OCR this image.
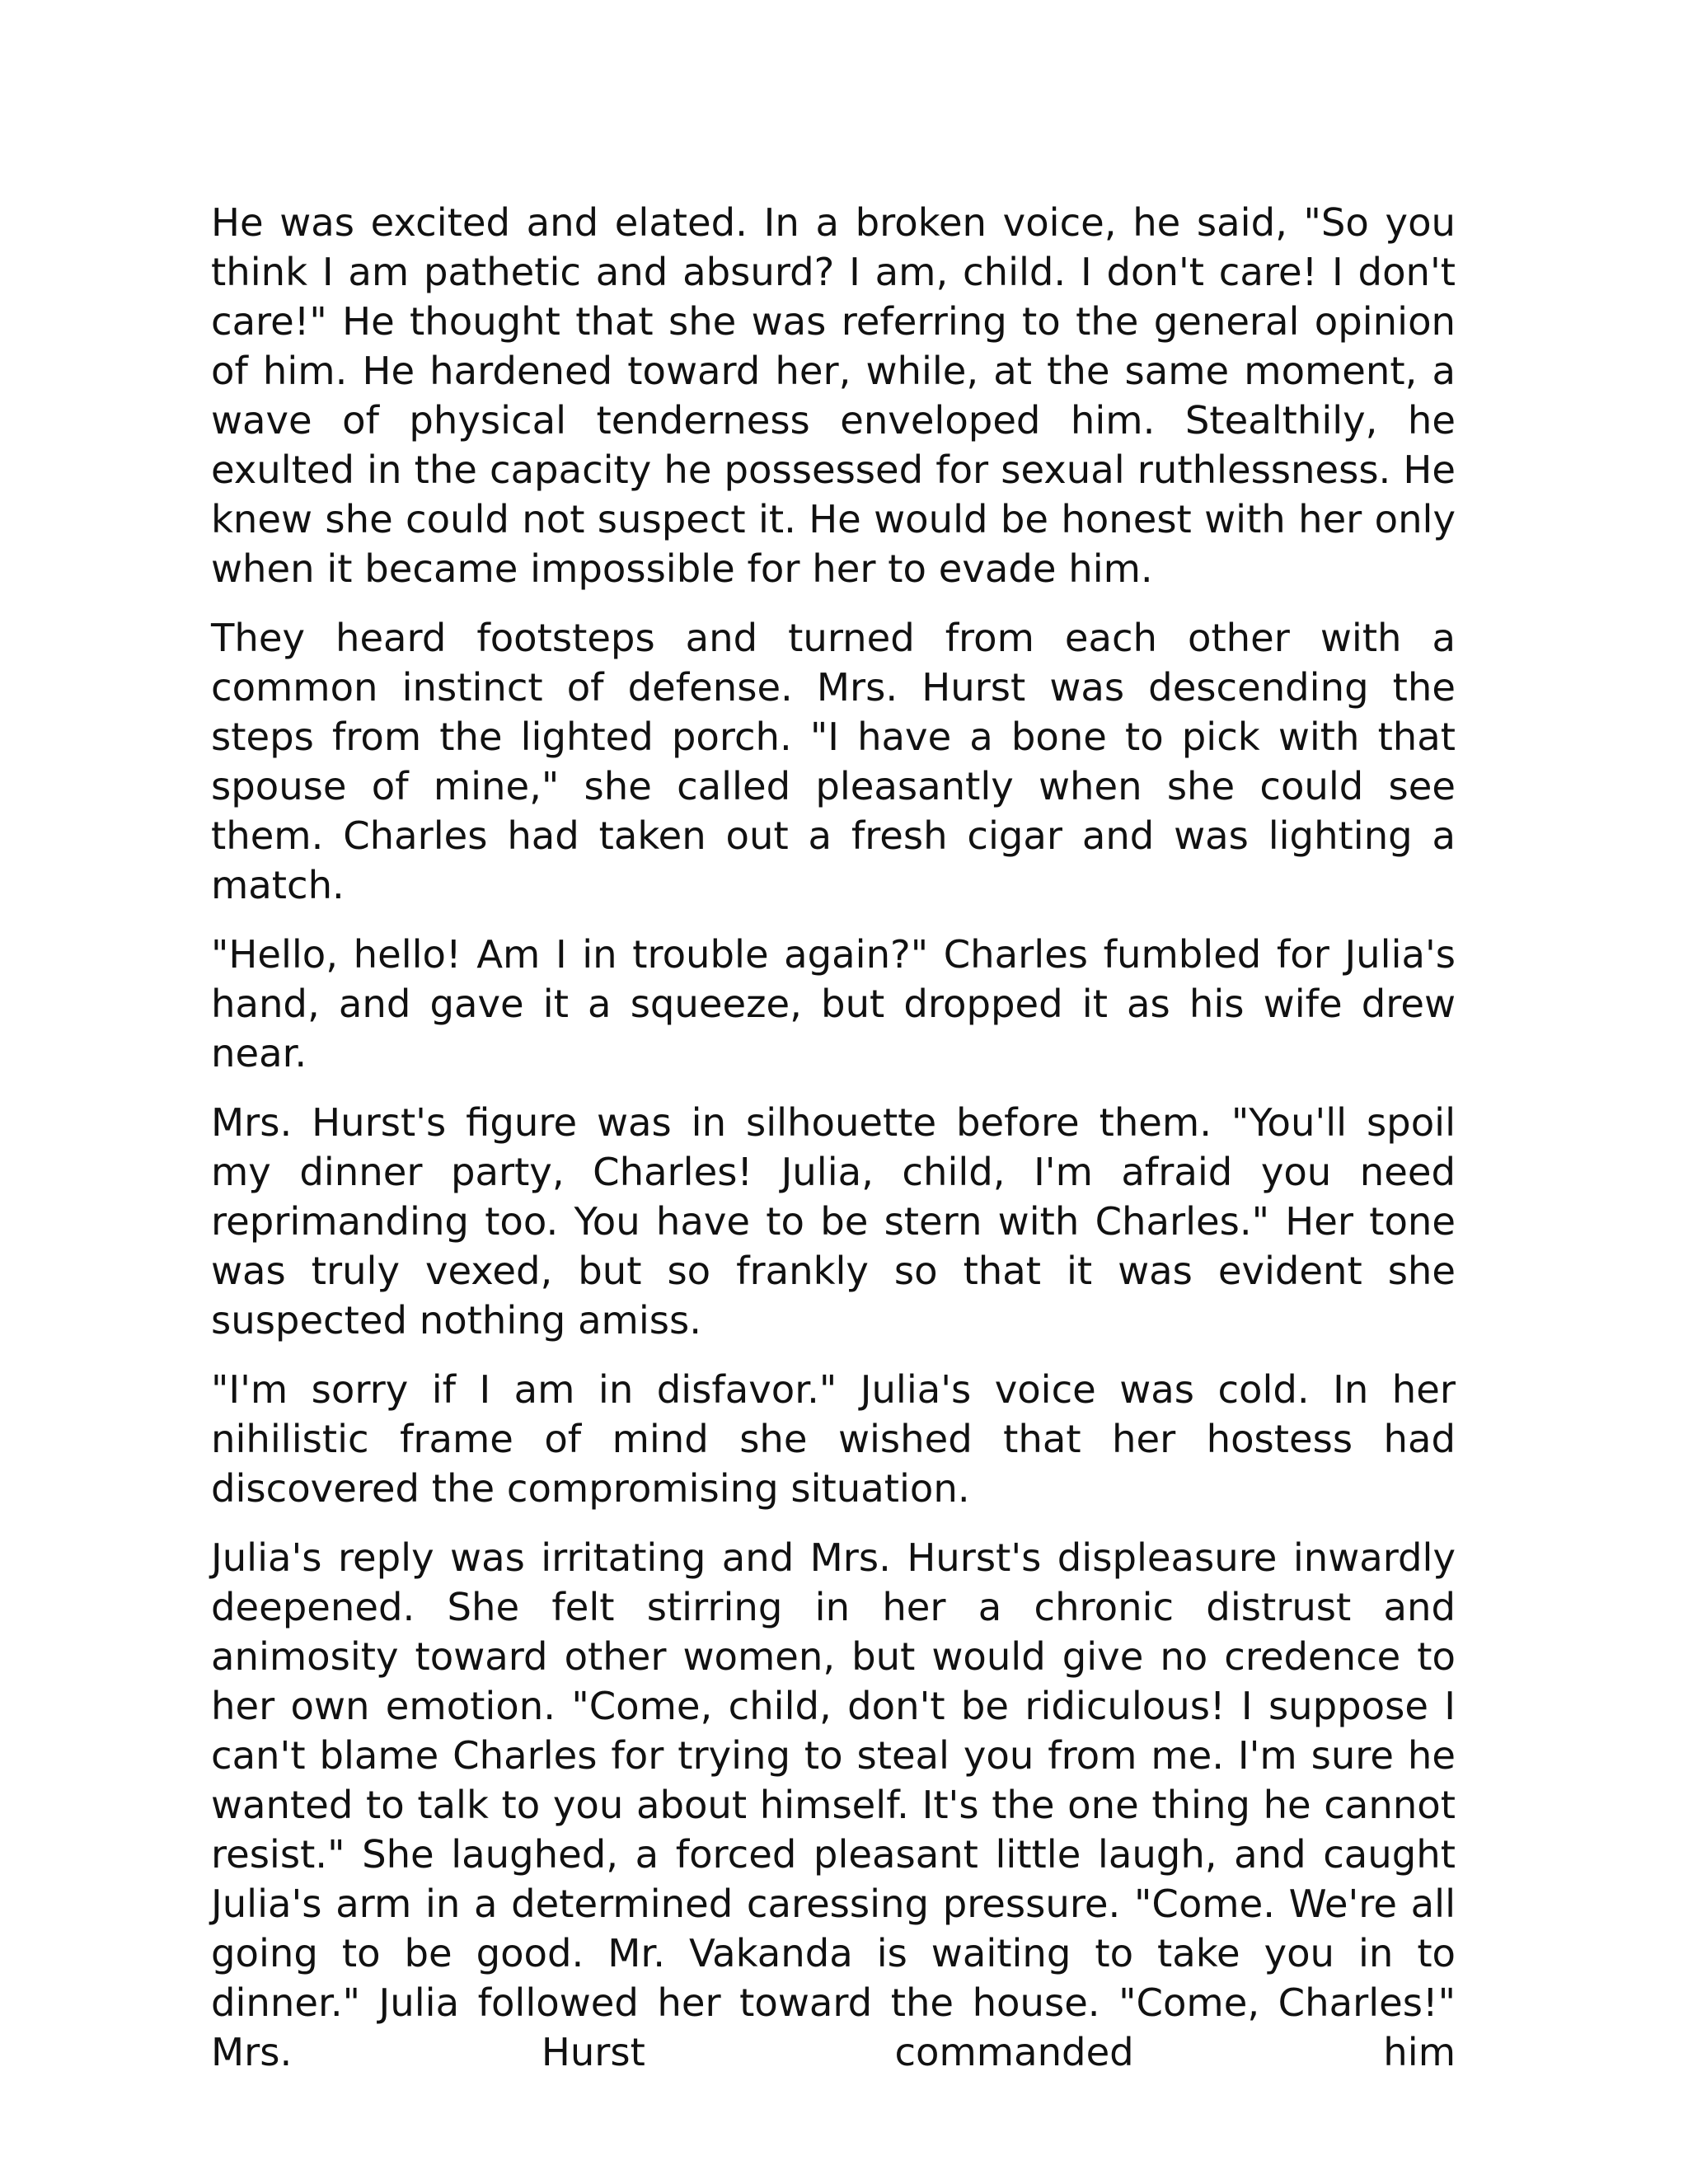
He was excited and elated. In a broken voice, he said, "So you think I am pathetic and absurd? I am, child. I don't care! I don't care!" He thought that she was referring to the general opinion of him. He hardened toward her, while, at the same moment, a wave of physical tenderness enveloped him. Stealthily, he exulted in the capacity he possessed for sexual ruthlessness. He knew she could not suspect it. He would be honest with her only when it became impossible for her to evade him.

They heard footsteps and turned from each other with a common instinct of defense. Mrs. Hurst was descending the steps from the lighted porch. "I have a bone to pick with that spouse of mine," she called pleasantly when she could see them. Charles had taken out a fresh cigar and was lighting a match.

"Hello, hello! Am I in trouble again?" Charles fumbled for Julia's hand, and gave it a squeeze, but dropped it as his wife drew near.

Mrs. Hurst's figure was in silhouette before them. "You'll spoil my dinner party, Charles! Julia, child, I'm afraid you need reprimanding too. You have to be stern with Charles." Her tone was truly vexed, but so frankly so that it was evident she suspected nothing amiss.

"I'm sorry if I am in disfavor." Julia's voice was cold. In her nihilistic frame of mind she wished that her hostess had discovered the compromising situation.

Julia's reply was irritating and Mrs. Hurst's displeasure inwardly deepened. She felt stirring in her a chronic distrust and animosity toward other women, but would give no credence to her own emotion. "Come, child, don't be ridiculous! I suppose I can't blame Charles for trying to steal you from me. I'm sure he wanted to talk to you about himself. It's the one thing he cannot resist." She laughed, a forced pleasant little laugh, and caught Julia's arm in a determined caressing pressure. "Come. We're all going to be good. Mr. Vakanda is waiting to take you in to dinner." Julia followed her toward the house. "Come, Charles!" Mrs. Hurst commanded him
